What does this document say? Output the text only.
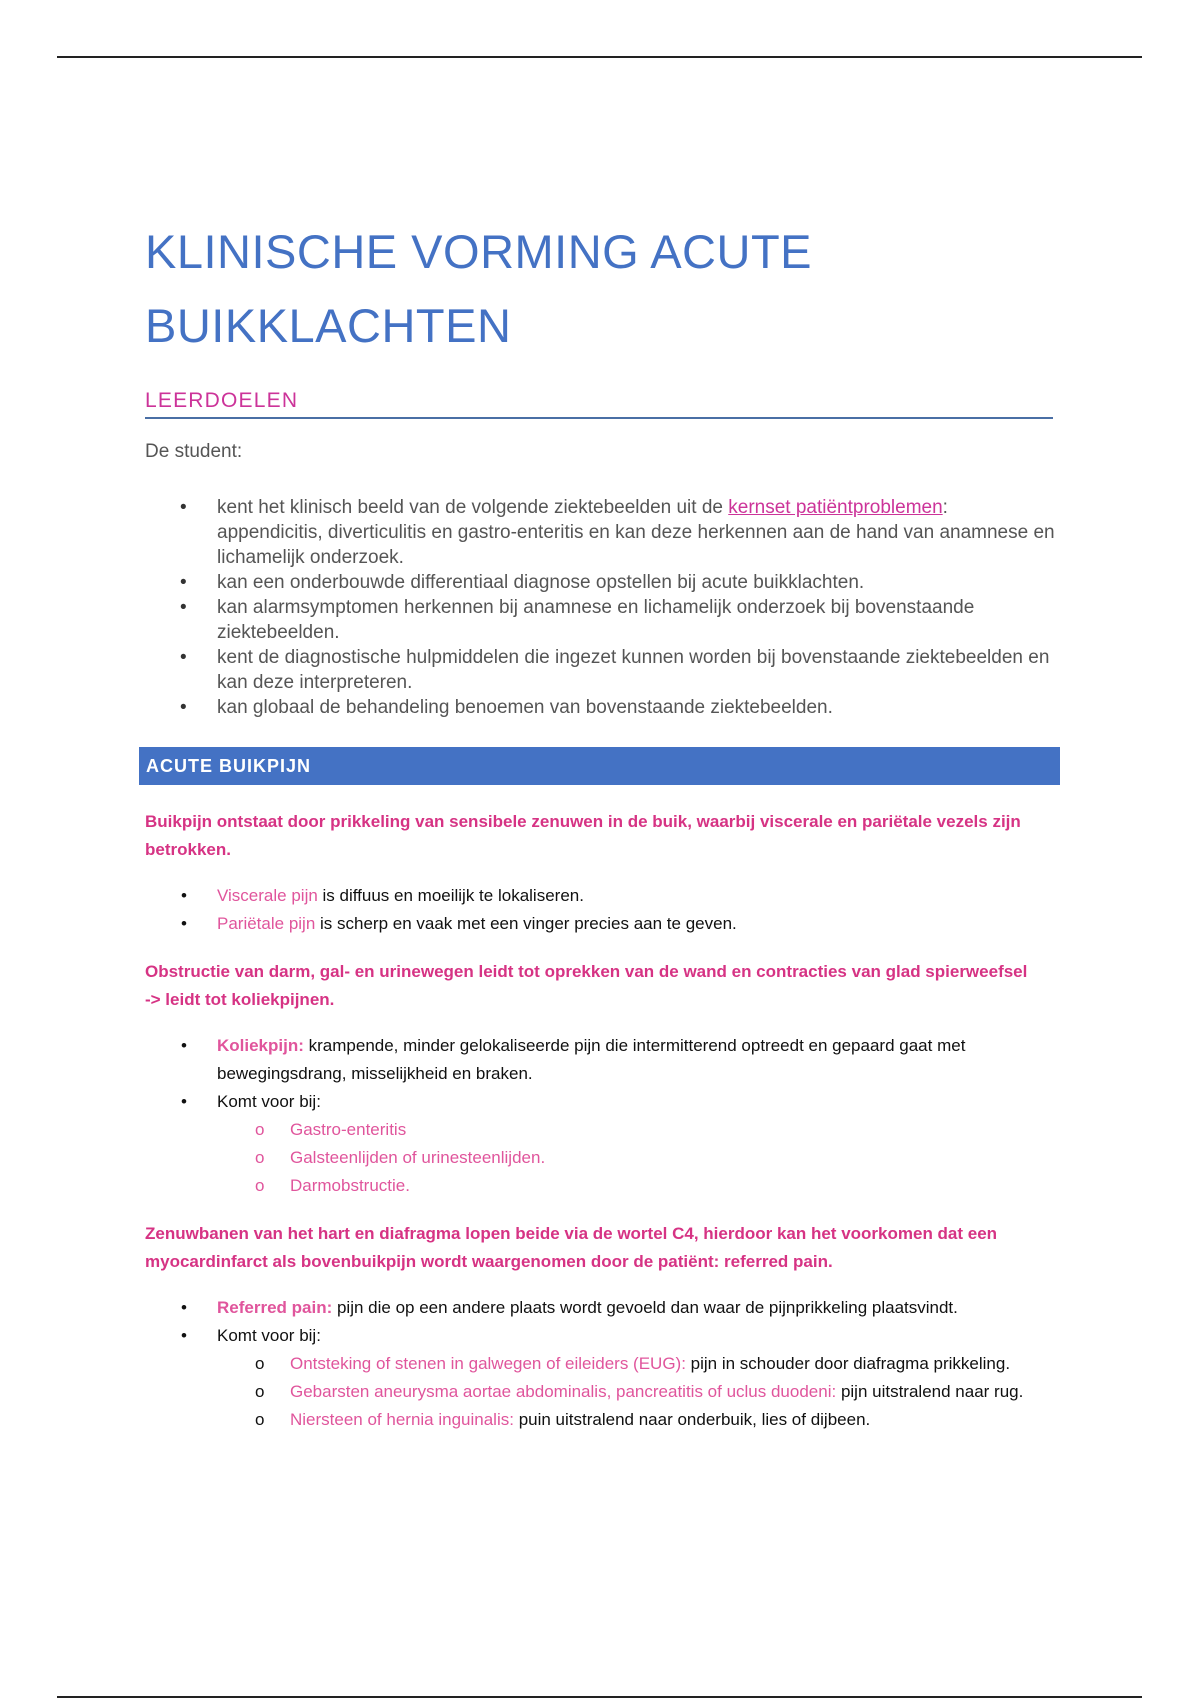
KLINISCHE VORMING ACUTE
BUIKKLACHTEN
LEERDOELEN
De student:
• kent het klinisch beeld van de volgende ziektebeelden uit de kernset patiëntproblemen: appendicitis, diverticulitis en gastro-enteritis en kan deze herkennen aan de hand van anamnese en lichamelijk onderzoek.
• kan een onderbouwde differentiaal diagnose opstellen bij acute buikklachten.
• kan alarmsymptomen herkennen bij anamnese en lichamelijk onderzoek bij bovenstaande ziektebeelden.
• kent de diagnostische hulpmiddelen die ingezet kunnen worden bij bovenstaande ziektebeelden en kan deze interpreteren.
• kan globaal de behandeling benoemen van bovenstaande ziektebeelden.
ACUTE BUIKPIJN
Buikpijn ontstaat door prikkeling van sensibele zenuwen in de buik, waarbij viscerale en pariëtale vezels zijn betrokken.
• Viscerale pijn is diffuus en moeilijk te lokaliseren.
• Pariëtale pijn is scherp en vaak met een vinger precies aan te geven.
Obstructie van darm, gal- en urinewegen leidt tot oprekken van de wand en contracties van glad spierweefsel
-> leidt tot koliekpijnen.
• Koliekpijn: krampende, minder gelokaliseerde pijn die intermitterend optreedt en gepaard gaat met bewegingsdrang, misselijkheid en braken.
• Komt voor bij:
o Gastro-enteritis
o Galsteenlijden of urinesteenlijden.
o Darmobstructie.
Zenuwbanen van het hart en diafragma lopen beide via de wortel C4, hierdoor kan het voorkomen dat een myocardinfarct als bovenbuikpijn wordt waargenomen door de patiënt: referred pain.
• Referred pain: pijn die op een andere plaats wordt gevoeld dan waar de pijnprikkeling plaatsvindt.
• Komt voor bij:
o Ontsteking of stenen in galwegen of eileiders (EUG): pijn in schouder door diafragma prikkeling.
o Gebarsten aneurysma aortae abdominalis, pancreatitis of uclus duodeni: pijn uitstralend naar rug.
o Niersteen of hernia inguinalis: puin uitstralend naar onderbuik, lies of dijbeen.
